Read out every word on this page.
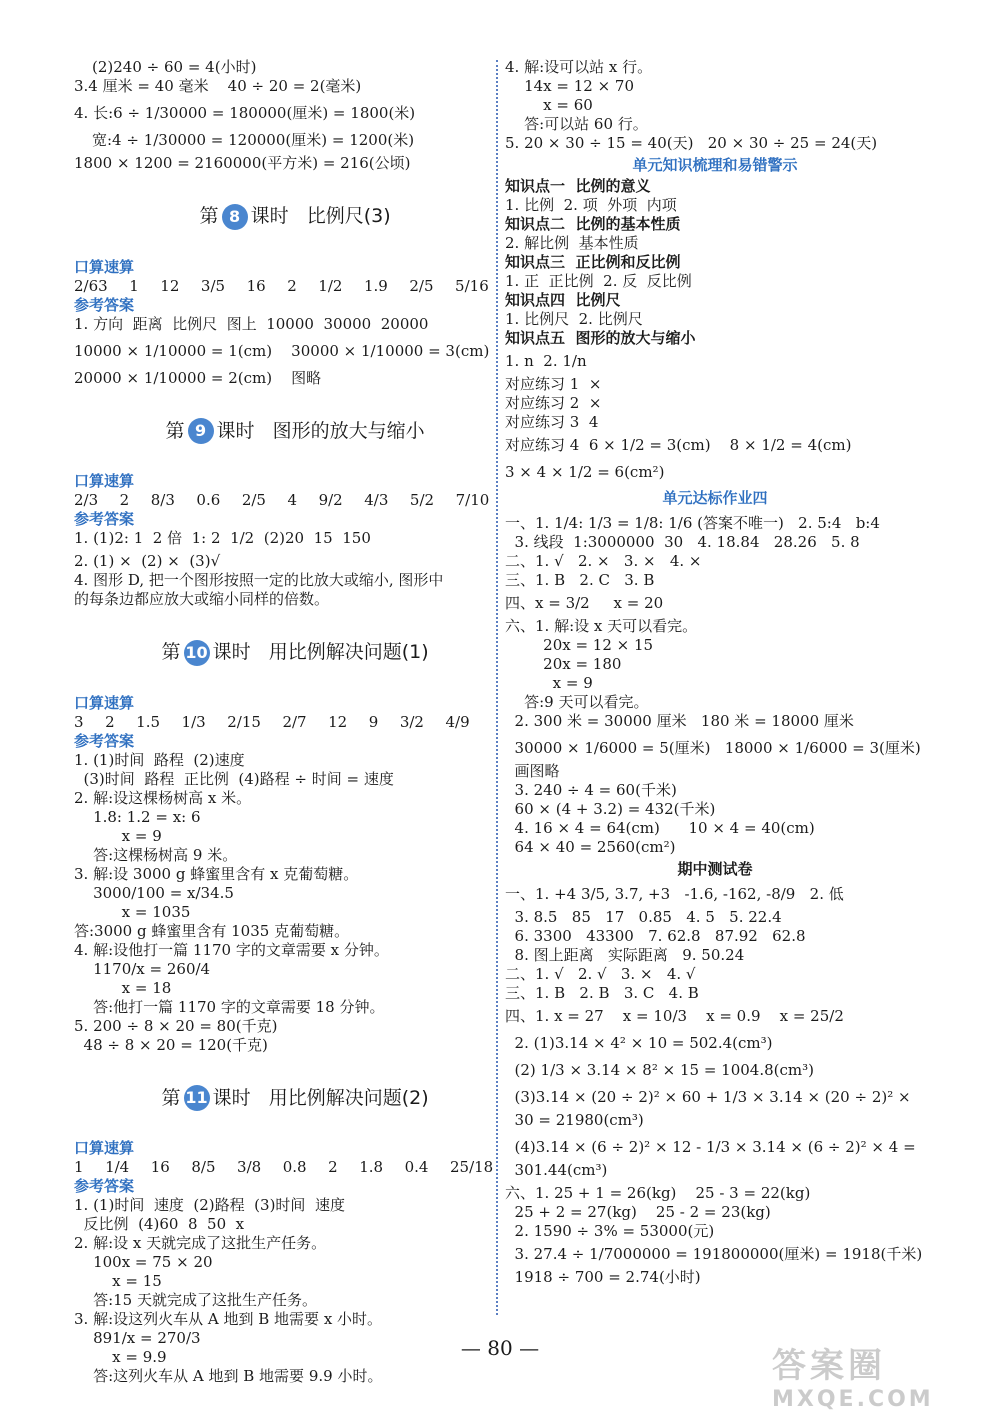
(2)240 ÷ 60 = 4(小时)
3.4 厘米 = 40 毫米    40 ÷ 20 = 2(毫米)
4. 长:6 ÷ 1/30000 = 180000(厘米) = 1800(米)
宽:4 ÷ 1/30000 = 120000(厘米) = 1200(米)
1800 × 1200 = 2160000(平方米) = 216(公顷)

第 8 课时 比例尺(3)

口算速算
2/63  1  12  3/5  16  2  1/2  1.9  2/5  5/16
参考答案
1. 方向  距离  比例尺  图上  10000  30000  20000
10000 × 1/10000 = 1(cm)    30000 × 1/10000 = 3(cm)
20000 × 1/10000 = 2(cm)    图略

第 9 课时 图形的放大与缩小

口算速算
2/3  2  8/3  0.6  2/5  4  9/2  4/3  5/2  7/10
参考答案
1. (1)2: 1  2 倍  1: 2  1/2  (2)20  15  150
2. (1) ×  (2) ×  (3)√
4. 图形 D, 把一个图形按照一定的比放大或缩小, 图形中
的每条边都应放大或缩小同样的倍数。

第 10 课时 用比例解决问题(1)

口算速算
3  2  1.5  1/3  2/15  2/7  12  9  3/2  4/9
参考答案
1. (1)时间  路程  (2)速度
(3)时间  路程  正比例  (4)路程 ÷ 时间 = 速度
2. 解:设这棵杨树高 x 米。
1.8: 1.2 = x: 6
x = 9
答:这棵杨树高 9 米。
3. 解:设 3000 g 蜂蜜里含有 x 克葡萄糖。
3000/100 = x/34.5
x = 1035
答:3000 g 蜂蜜里含有 1035 克葡萄糖。
4. 解:设他打一篇 1170 字的文章需要 x 分钟。
1170/x = 260/4
x = 18
答:他打一篇 1170 字的文章需要 18 分钟。
5. 200 ÷ 8 × 20 = 80(千克)
48 ÷ 8 × 20 = 120(千克)

第 11 课时 用比例解决问题(2)

口算速算
1  1/4  16  8/5  3/8  0.8  2  1.8  0.4  25/18
参考答案
1. (1)时间  速度  (2)路程  (3)时间  速度
反比例  (4)60  8  50  x
2. 解:设 x 天就完成了这批生产任务。
100x = 75 × 20
x = 15
答:15 天就完成了这批生产任务。
3. 解:设这列火车从 A 地到 B 地需要 x 小时。
891/x = 270/3
x = 9.9
答:这列火车从 A 地到 B 地需要 9.9 小时。
4. 解:设可以站 x 行。
14x = 12 × 70
x = 60
答:可以站 60 行。
5. 20 × 30 ÷ 15 = 40(天)   20 × 30 ÷ 25 = 24(天)
单元知识梳理和易错警示
知识点一  比例的意义
1. 比例  2. 项  外项  内项
知识点二  比例的基本性质
2. 解比例  基本性质
知识点三  正比例和反比例
1. 正  正比例  2. 反  反比例
知识点四  比例尺
1. 比例尺  2. 比例尺
知识点五  图形的放大与缩小
1. n  2. 1/n
对应练习 1  ×
对应练习 2  ×
对应练习 3  4
对应练习 4  6 × 1/2 = 3(cm)    8 × 1/2 = 4(cm)
3 × 4 × 1/2 = 6(cm²)
单元达标作业四
一、1. 1/4: 1/3 = 1/8: 1/6 (答案不唯一)   2. 5:4   b:4
3. 线段  1:3000000  30   4. 18.84   28.26   5. 8
二、1. √   2. ×   3. ×   4. ×
三、1. B   2. C   3. B
四、x = 3/2     x = 20
六、1. 解:设 x 天可以看完。
20x = 12 × 15
20x = 180
x = 9
答:9 天可以看完。
2. 300 米 = 30000 厘米   180 米 = 18000 厘米
30000 × 1/6000 = 5(厘米)   18000 × 1/6000 = 3(厘米)
画图略
3. 240 ÷ 4 = 60(千米)
60 × (4 + 3.2) = 432(千米)
4. 16 × 4 = 64(cm)      10 × 4 = 40(cm)
64 × 40 = 2560(cm²)
期中测试卷
一、1. +4 3/5, 3.7, +3   -1.6, -162, -8/9   2. 低
3. 8.5   85   17   0.85   4. 5   5. 22.4
6. 3300   43300   7. 62.8   87.92   62.8
8. 图上距离   实际距离   9. 50.24
二、1. √   2. √   3. ×   4. √
三、1. B   2. B   3. C   4. B
四、1. x = 27    x = 10/3    x = 0.9    x = 25/2
2. (1)3.14 × 4² × 10 = 502.4(cm³)
(2) 1/3 × 3.14 × 8² × 15 = 1004.8(cm³)
(3)3.14 × (20 ÷ 2)² × 60 + 1/3 × 3.14 × (20 ÷ 2)² ×
30 = 21980(cm³)
(4)3.14 × (6 ÷ 2)² × 12 - 1/3 × 3.14 × (6 ÷ 2)² × 4 =
301.44(cm³)
六、1. 25 + 1 = 26(kg)    25 - 3 = 22(kg)
25 + 2 = 27(kg)    25 - 2 = 23(kg)
2. 1590 ÷ 3% = 53000(元)
3. 27.4 ÷ 1/7000000 = 191800000(厘米) = 1918(千米)
1918 ÷ 700 = 2.74(小时)
— 80 —	答案圈
MXQE.COM
